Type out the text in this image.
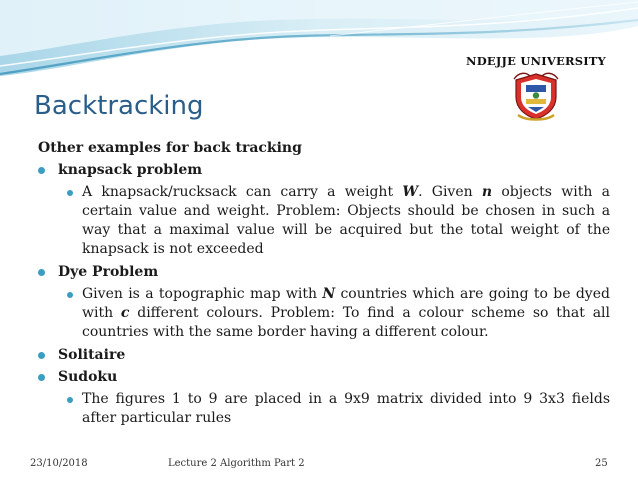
NDEJJE UNIVERSITY
Backtracking
Other examples for back tracking
knapsack problem
A knapsack/rucksack can carry a weight W. Given n objects with a certain value and weight. Problem: Objects should be chosen in such a way that a maximal value will be acquired but the total weight of the knapsack is not exceeded
Dye Problem
Given is a topographic map with N countries which are going to be dyed with c different colours. Problem: To find a colour scheme so that all countries with the same border having a different colour.
Solitaire
Sudoku
The figures 1 to 9 are placed in a 9x9 matrix divided into 9 3x3 fields after particular rules
23/10/2018	Lecture 2 Algorithm Part 2	25
